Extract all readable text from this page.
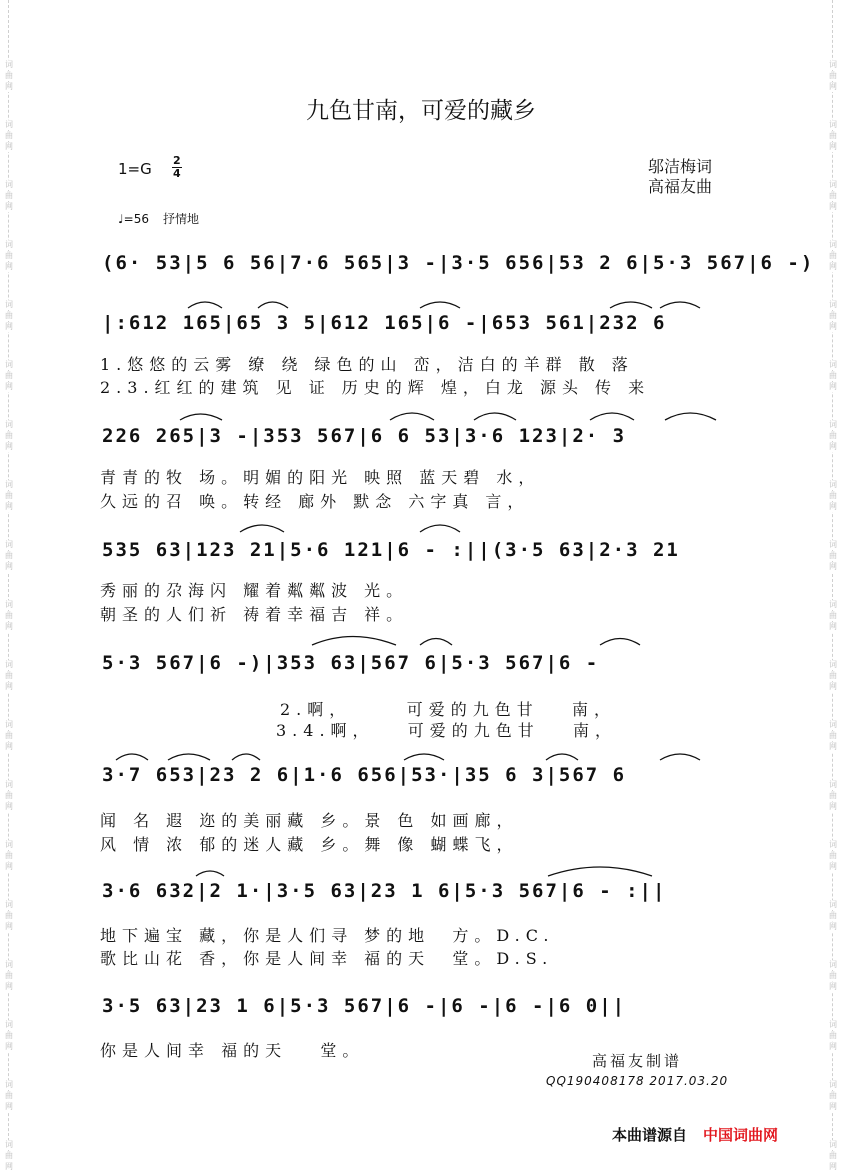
词
曲
网
词
曲
网
词
曲
网
词
曲
网
词
曲
网
词
曲
网
词
曲
网
词
曲
网
词
曲
网
词
曲
网
词
曲
网
词
曲
网
词
曲
网
词
曲
网
词
曲
网
词
曲
网
词
曲
网
词
曲
网
词
曲
网
词
曲
网
词
曲
网
词
曲
网
词
曲
网
词
曲
网
词
曲
网
词
曲
网
词
曲
网
词
曲
网
词
曲
网
词
曲
网
词
曲
网
词
曲
网
词
曲
网
词
曲
网
词
曲
网
词
曲
网
词
曲
网
词
曲
网
九色甘南，可爱的藏乡
1=G 2
4	邬洁梅词
高福友曲
♩=56 抒情地
(6· 53|5 6 56|7·6 565|3 -|3·5 656|53 2 6|5·3 567|6 -)
|:612 165|65 3 5|612 165|6 -|653 561|232 6
1.悠悠的云雾 缭 绕 绿色的山 峦，洁白的羊群 散 落
2.3.红红的建筑 见 证 历史的辉 煌，白龙 源头 传 来
226 265|3 -|353 567|6 6 53|3·6 123|2· 3
青青的牧 场。明媚的阳光 映照 蓝天碧 水，
久远的召 唤。转经 廊外 默念 六字真 言，
535 63|123 21|5·6 121|6 - :||(3·5 63|2·3 21
秀丽的尕海闪 耀着粼粼波 光。
朝圣的人们祈 祷着幸福吉 祥。
5·3 567|6 -)|353 63|567 6|5·3 567|6 -
2.啊，     可爱的九色甘   南，
3.4.啊，   可爱的九色甘   南，
3·7 653|23 2 6|1·6 656|53·|35 6 3|567 6
闻 名 遐 迩的美丽藏 乡。景 色 如画廊，
风 情 浓 郁的迷人藏 乡。舞 像 蝴蝶飞，
3·6 632|2 1·|3·5 63|23 1 6|5·3 567|6 - :||
地下遍宝 藏，你是人们寻 梦的地  方。D.C.
歌比山花 香，你是人间幸 福的天  堂。D.S.
3·5 63|23 1 6|5·3 567|6 -|6 -|6 -|6 0||
你是人间幸 福的天   堂。
高福友制谱
QQ190408178 2017.03.20
本曲谱源自 中国词曲网
